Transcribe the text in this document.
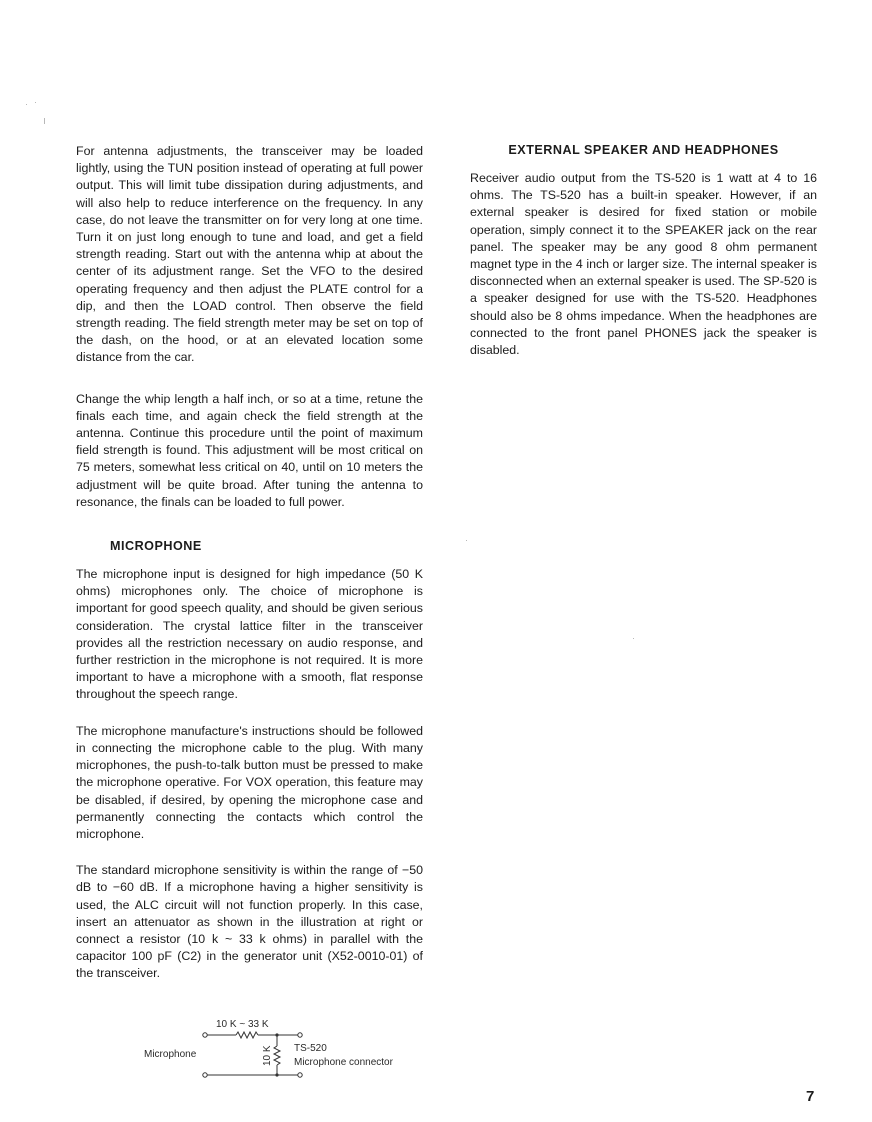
For antenna adjustments, the transceiver may be loaded lightly, using the TUN position instead of operating at full power output. This will limit tube dissipation during adjustments, and will also help to reduce interference on the frequency. In any case, do not leave the transmitter on for very long at one time. Turn it on just long enough to tune and load, and get a field strength reading. Start out with the antenna whip at about the center of its adjustment range. Set the VFO to the desired operating frequency and then adjust the PLATE control for a dip, and then the LOAD control. Then observe the field strength reading. The field strength meter may be set on top of the dash, on the hood, or at an elevated location some distance from the car.

Change the whip length a half inch, or so at a time, retune the finals each time, and again check the field strength at the antenna. Continue this procedure until the point of maximum field strength is found. This adjustment will be most critical on 75 meters, somewhat less critical on 40, until on 10 meters the adjustment will be quite broad. After tuning the antenna to resonance, the finals can be loaded to full power.

MICROPHONE

The microphone input is designed for high impedance (50 K ohms) microphones only. The choice of microphone is important for good speech quality, and should be given serious consideration. The crystal lattice filter in the transceiver provides all the restriction necessary on audio response, and further restriction in the microphone is not required. It is more important to have a microphone with a smooth, flat response throughout the speech range.

The microphone manufacture's instructions should be followed in connecting the microphone cable to the plug. With many microphones, the push-to-talk button must be pressed to make the microphone operative. For VOX operation, this feature may be disabled, if desired, by opening the microphone case and permanently connecting the contacts which control the microphone.

The standard microphone sensitivity is within the range of −50 dB to −60 dB. If a microphone having a higher sensitivity is used, the ALC circuit will not function properly. In this case, insert an attenuator as shown in the illustration at right or connect a resistor (10 k ~ 33 k ohms) in parallel with the capacitor 100 pF (C2) in the generator unit (X52-0010-01) of the transceiver.

EXTERNAL SPEAKER AND HEADPHONES

Receiver audio output from the TS-520 is 1 watt at 4 to 16 ohms. The TS-520 has a built-in speaker. However, if an external speaker is desired for fixed station or mobile operation, simply connect it to the SPEAKER jack on the rear panel. The speaker may be any good 8 ohm permanent magnet type in the 4 inch or larger size. The internal speaker is disconnected when an external speaker is used. The SP-520 is a speaker designed for use with the TS-520. Headphones should also be 8 ohms impedance. When the headphones are connected to the front panel PHONES jack the speaker is disabled.

10 K ~ 33 K
10 K
Microphone
TS-520
Microphone connector
7
